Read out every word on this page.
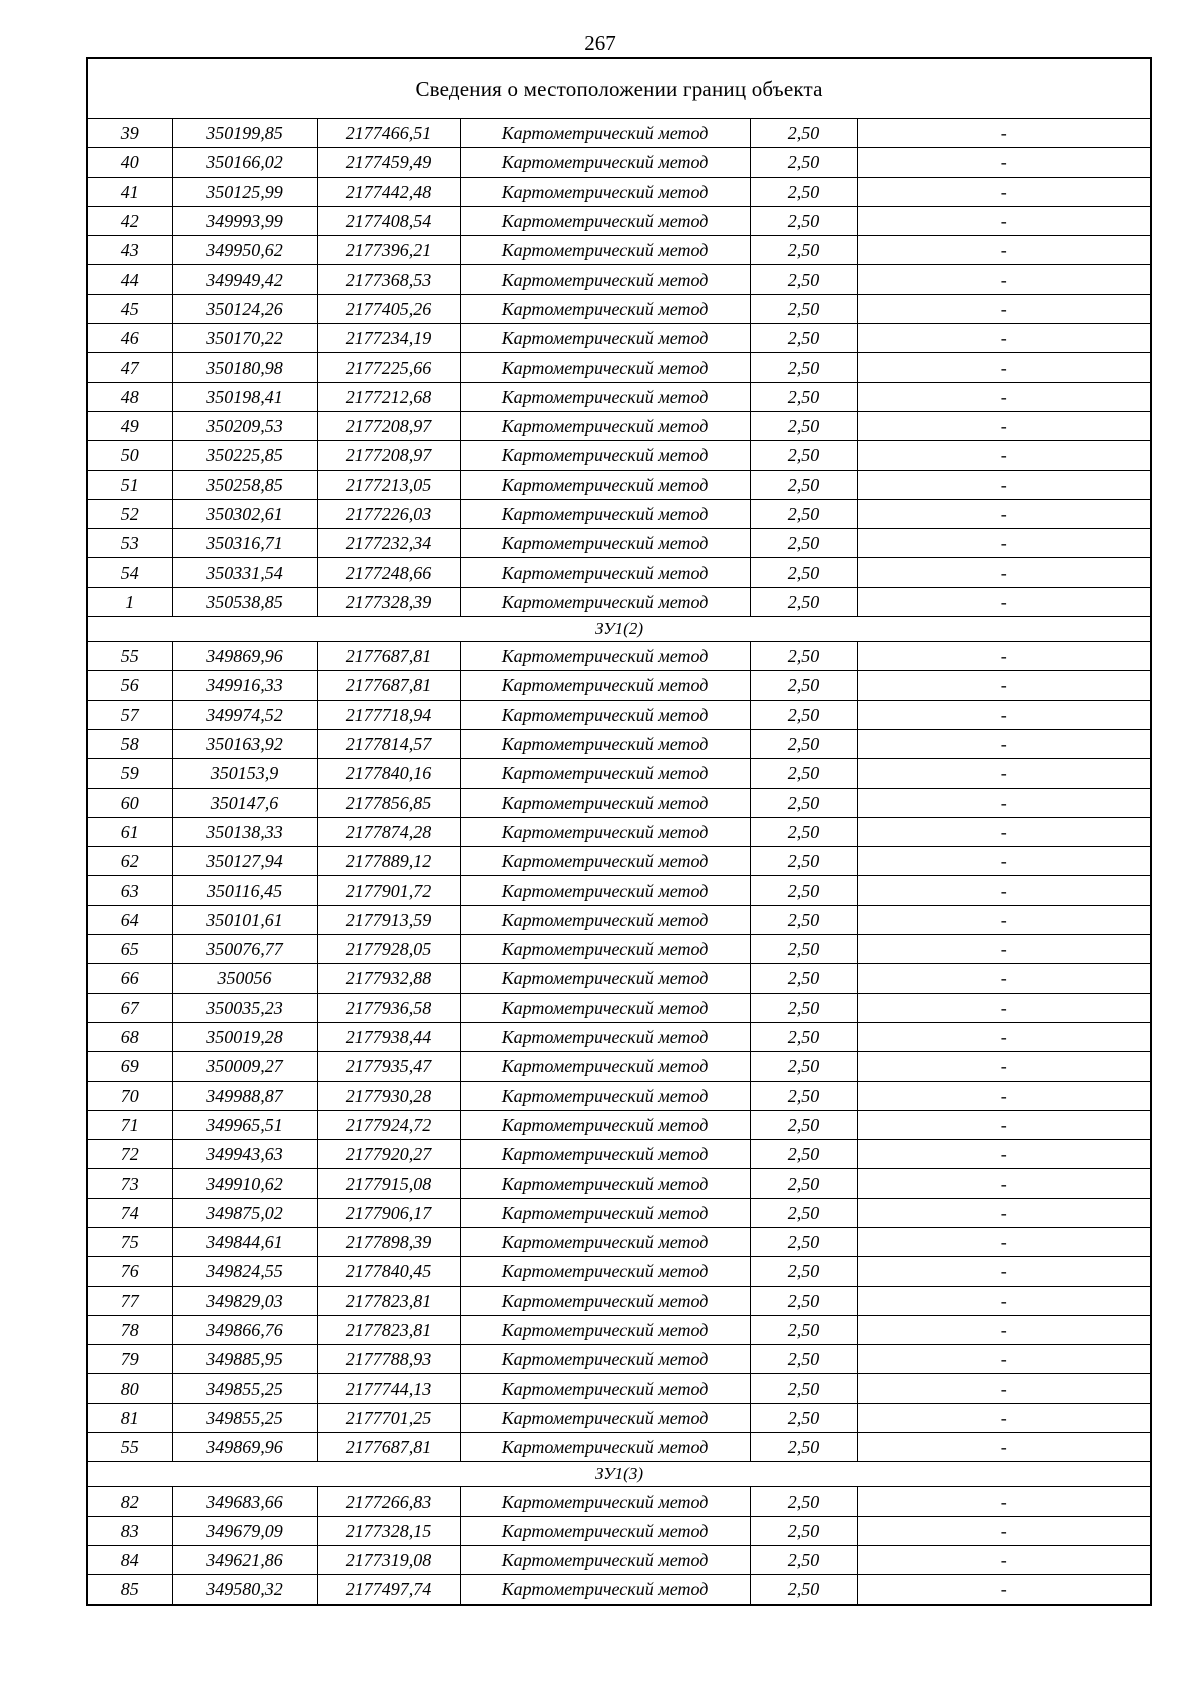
267
Сведения о местоположении границ объекта					
39	350199,85	2177466,51	Картометрический метод	2,50	-
40	350166,02	2177459,49	Картометрический метод	2,50	-
41	350125,99	2177442,48	Картометрический метод	2,50	-
42	349993,99	2177408,54	Картометрический метод	2,50	-
43	349950,62	2177396,21	Картометрический метод	2,50	-
44	349949,42	2177368,53	Картометрический метод	2,50	-
45	350124,26	2177405,26	Картометрический метод	2,50	-
46	350170,22	2177234,19	Картометрический метод	2,50	-
47	350180,98	2177225,66	Картометрический метод	2,50	-
48	350198,41	2177212,68	Картометрический метод	2,50	-
49	350209,53	2177208,97	Картометрический метод	2,50	-
50	350225,85	2177208,97	Картометрический метод	2,50	-
51	350258,85	2177213,05	Картометрический метод	2,50	-
52	350302,61	2177226,03	Картометрический метод	2,50	-
53	350316,71	2177232,34	Картометрический метод	2,50	-
54	350331,54	2177248,66	Картометрический метод	2,50	-
1	350538,85	2177328,39	Картометрический метод	2,50	-
ЗУ1(2)					
55	349869,96	2177687,81	Картометрический метод	2,50	-
56	349916,33	2177687,81	Картометрический метод	2,50	-
57	349974,52	2177718,94	Картометрический метод	2,50	-
58	350163,92	2177814,57	Картометрический метод	2,50	-
59	350153,9	2177840,16	Картометрический метод	2,50	-
60	350147,6	2177856,85	Картометрический метод	2,50	-
61	350138,33	2177874,28	Картометрический метод	2,50	-
62	350127,94	2177889,12	Картометрический метод	2,50	-
63	350116,45	2177901,72	Картометрический метод	2,50	-
64	350101,61	2177913,59	Картометрический метод	2,50	-
65	350076,77	2177928,05	Картометрический метод	2,50	-
66	350056	2177932,88	Картометрический метод	2,50	-
67	350035,23	2177936,58	Картометрический метод	2,50	-
68	350019,28	2177938,44	Картометрический метод	2,50	-
69	350009,27	2177935,47	Картометрический метод	2,50	-
70	349988,87	2177930,28	Картометрический метод	2,50	-
71	349965,51	2177924,72	Картометрический метод	2,50	-
72	349943,63	2177920,27	Картометрический метод	2,50	-
73	349910,62	2177915,08	Картометрический метод	2,50	-
74	349875,02	2177906,17	Картометрический метод	2,50	-
75	349844,61	2177898,39	Картометрический метод	2,50	-
76	349824,55	2177840,45	Картометрический метод	2,50	-
77	349829,03	2177823,81	Картометрический метод	2,50	-
78	349866,76	2177823,81	Картометрический метод	2,50	-
79	349885,95	2177788,93	Картометрический метод	2,50	-
80	349855,25	2177744,13	Картометрический метод	2,50	-
81	349855,25	2177701,25	Картометрический метод	2,50	-
55	349869,96	2177687,81	Картометрический метод	2,50	-
ЗУ1(3)					
82	349683,66	2177266,83	Картометрический метод	2,50	-
83	349679,09	2177328,15	Картометрический метод	2,50	-
84	349621,86	2177319,08	Картометрический метод	2,50	-
85	349580,32	2177497,74	Картометрический метод	2,50	-
